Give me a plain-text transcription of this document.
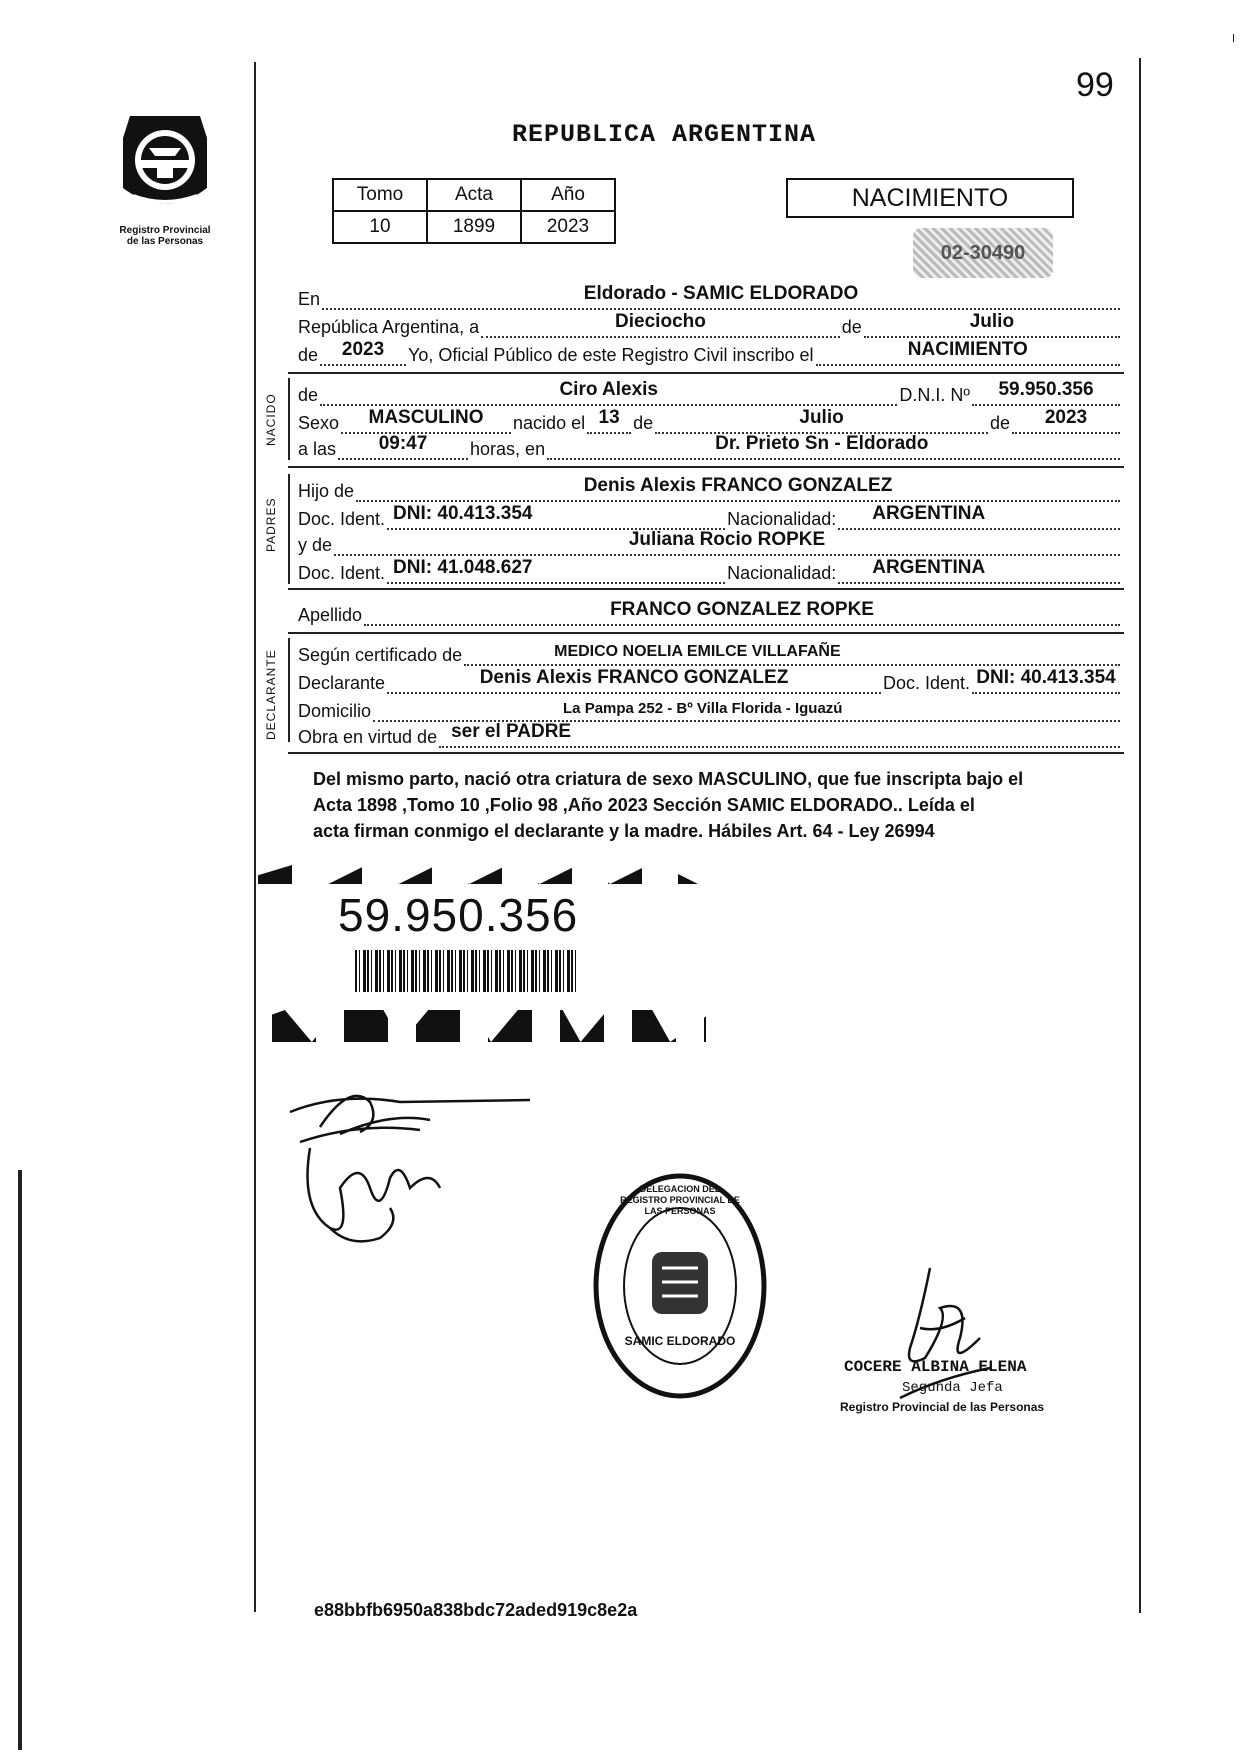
99
Registro Provincial
de las Personas
REPUBLICA ARGENTINA
Tomo	Acta	Año
10	1899	2023
NACIMIENTO
02-30490
En	Eldorado - SAMIC ELDORADO
República Argentina, a	Dieciocho	de	Julio
de	2023	Yo, Oficial Público de este Registro Civil inscribo el	NACIMIENTO
NACIDO de	Ciro Alexis	D.N.I. Nº	59.950.356
Sexo	MASCULINO	nacido el 13 de	Julio	de	2023
a las	09:47	horas, en	Dr. Prieto Sn - Eldorado
PADRES
Hijo de	Denis Alexis FRANCO GONZALEZ
Doc. Ident. DNI: 40.413.354	Nacionalidad: ARGENTINA
y de	Juliana Rocio ROPKE
Doc. Ident. DNI: 41.048.627	Nacionalidad: ARGENTINA
Apellido	FRANCO GONZALEZ ROPKE
DECLARANTE Según certificado de	MEDICO NOELIA EMILCE VILLAFAÑE
Declarante	Denis Alexis FRANCO GONZALEZ	Doc. Ident. DNI: 40.413.354
Domicilio	La Pampa 252 - Bº Villa Florida - Iguazú
Obra en virtud de ser el PADRE
Del mismo parto, nació otra criatura de sexo MASCULINO, que fue inscripta bajo el
Acta 1898 ,Tomo 10 ,Folio 98 ,Año 2023 Sección SAMIC ELDORADO.. Leída el
acta firman conmigo el declarante y la madre. Hábiles Art. 64 - Ley 26994
59.950.356
DELEGACION DEL REGISTRO PROVINCIAL DE LAS PERSONAS
SAMIC ELDORADO
COCERE ALBINA ELENA
Segunda Jefa
Registro Provincial de las Personas
e88bbfb6950a838bdc72aded919c8e2a
